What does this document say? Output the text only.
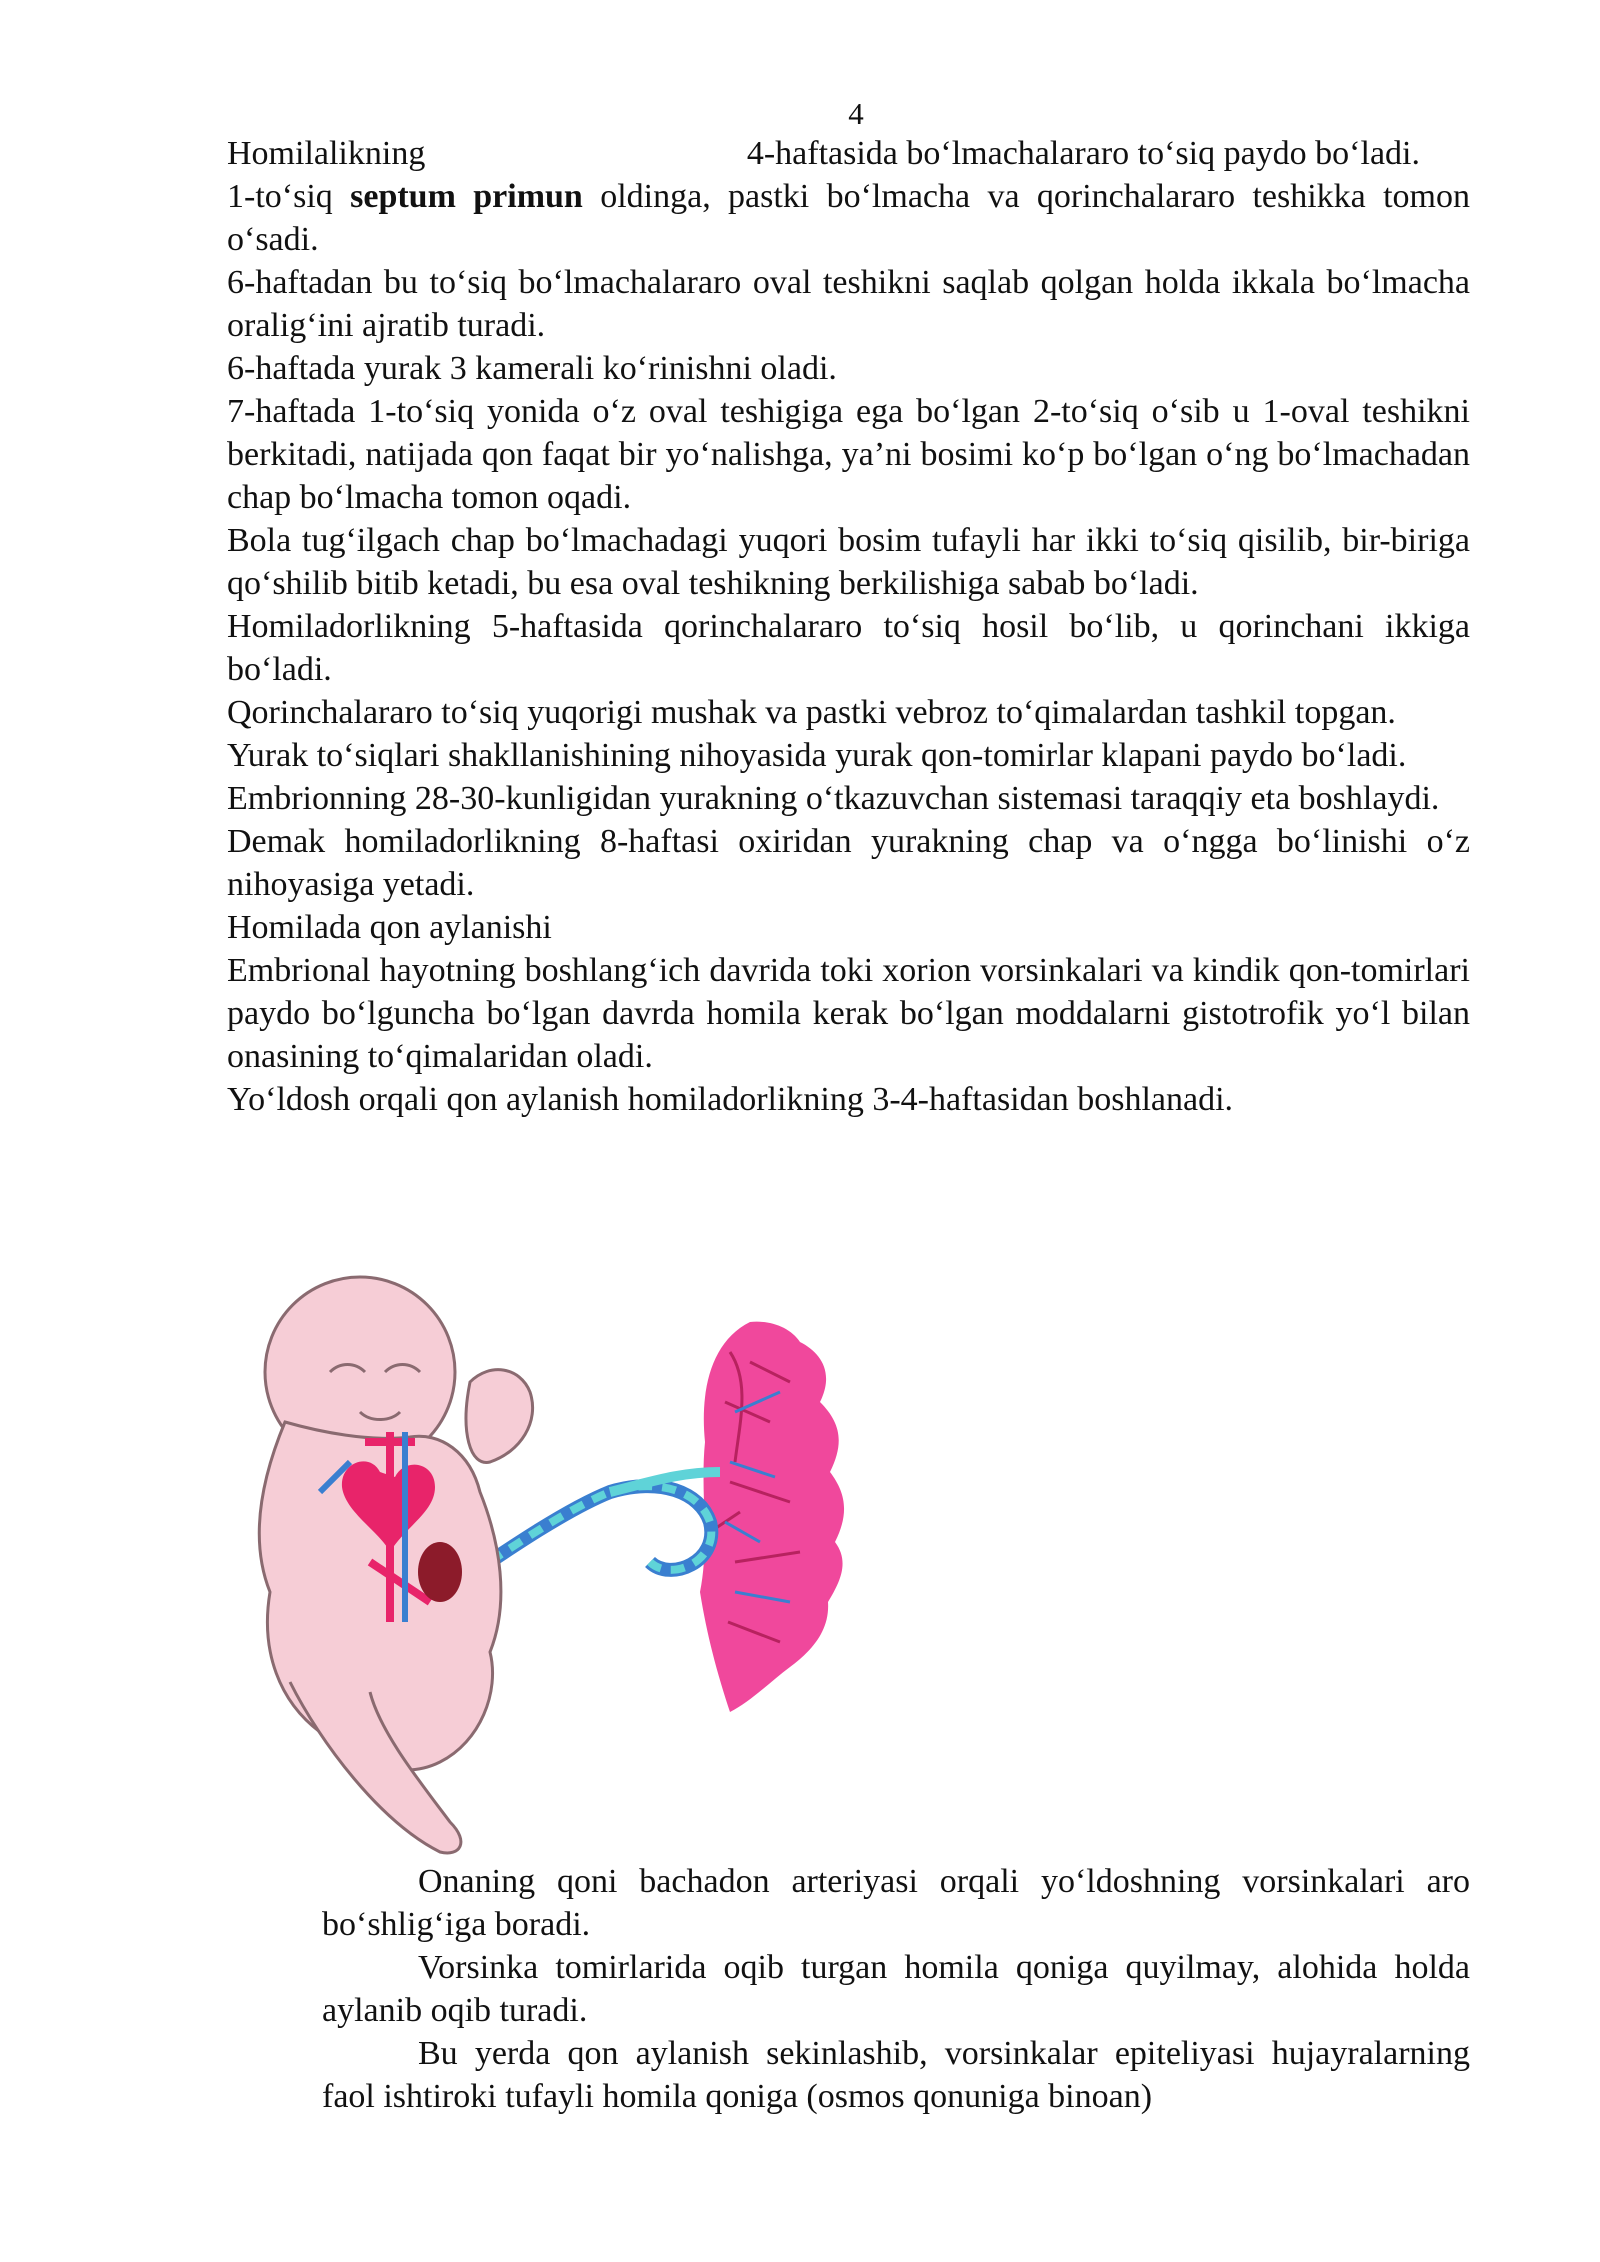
4

Homilalikning	4-haftasida bo‘lmachalararo to‘siq paydo bo‘ladi.

1-to‘siq septum primun oldinga, pastki bo‘lmacha va qorinchalararo teshikka tomon o‘sadi.

6-haftadan bu to‘siq bo‘lmachalararo oval teshikni saqlab qolgan holda ikkala bo‘lmacha oralig‘ini ajratib turadi.

6-haftada yurak 3 kamerali ko‘rinishni oladi.

7-haftada 1-to‘siq yonida o‘z oval teshigiga ega bo‘lgan 2-to‘siq o‘sib u 1-oval teshikni berkitadi, natijada qon faqat bir yo‘nalishga, ya’ni bosimi ko‘p bo‘lgan o‘ng bo‘lmachadan chap bo‘lmacha tomon oqadi.

Bola tug‘ilgach chap bo‘lmachadagi yuqori bosim tufayli har ikki to‘siq qisilib, bir-biriga qo‘shilib bitib ketadi, bu esa oval teshikning berkilishiga sabab bo‘ladi.

Homiladorlikning 5-haftasida qorinchalararo to‘siq hosil bo‘lib, u qorinchani ikkiga bo‘ladi.

Qorinchalararo to‘siq yuqorigi mushak va pastki vebroz to‘qimalardan tashkil topgan.

Yurak to‘siqlari shakllanishining nihoyasida yurak qon-tomirlar klapani paydo bo‘ladi.

Embrionning 28-30-kunligidan yurakning o‘tkazuvchan sistemasi taraqqiy eta boshlaydi.

Demak homiladorlikning 8-haftasi oxiridan yurakning chap va o‘ngga bo‘linishi o‘z nihoyasiga yetadi.

Homilada qon aylanishi

Embrional hayotning boshlang‘ich davrida toki xorion vorsinkalari va kindik qon-tomirlari paydo bo‘lguncha bo‘lgan davrda homila kerak bo‘lgan moddalarni gistotrofik yo‘l bilan onasining to‘qimalaridan oladi.

Yo‘ldosh orqali qon aylanish homiladorlikning 3-4-haftasidan boshlanadi.

Onaning qoni bachadon arteriyasi orqali yo‘ldoshning vorsinkalari aro bo‘shlig‘iga boradi.

Vorsinka tomirlarida oqib turgan homila qoniga quyilmay, alohida holda aylanib oqib turadi.

Bu yerda qon aylanish sekinlashib, vorsinkalar epiteliyasi hujayralarning faol ishtiroki tufayli homila qoniga (osmos qonuniga binoan)
